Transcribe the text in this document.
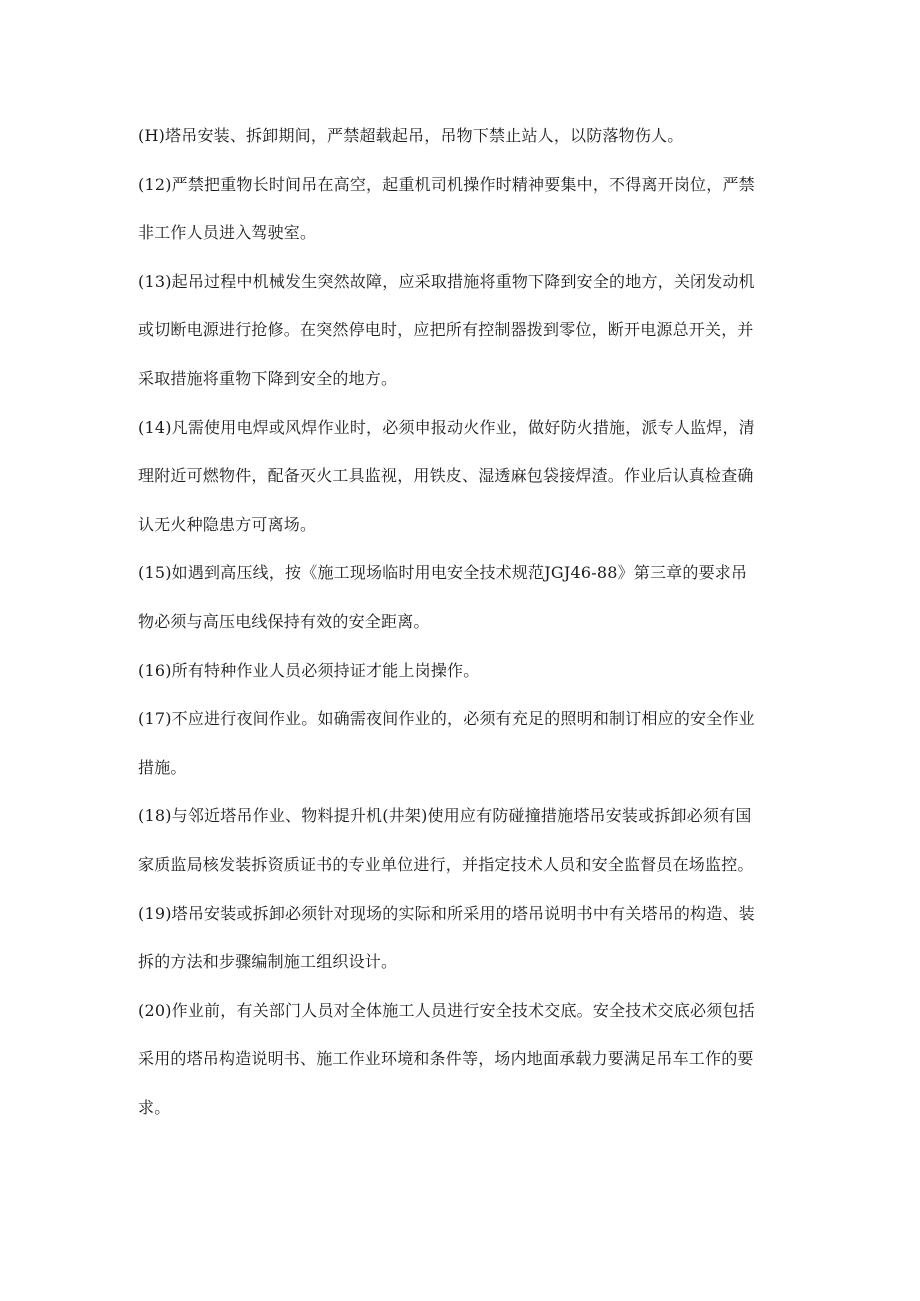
(H)塔吊安装、拆卸期间，严禁超载起吊，吊物下禁止站人，以防落物伤人。
(12)严禁把重物长时间吊在高空，起重机司机操作时精神要集中，不得离开岗位，严禁
非工作人员进入驾驶室。
(13)起吊过程中机械发生突然故障，应采取措施将重物下降到安全的地方，关闭发动机
或切断电源进行抢修。在突然停电时，应把所有控制器拨到零位，断开电源总开关，并
采取措施将重物下降到安全的地方。
(14)凡需使用电焊或风焊作业时，必须申报动火作业，做好防火措施，派专人监焊，清
理附近可燃物件，配备灭火工具监视，用铁皮、湿透麻包袋接焊渣。作业后认真检查确
认无火种隐患方可离场。
(15)如遇到高压线，按《施工现场临时用电安全技术规范JGJ46-88》第三章的要求吊
物必须与高压电线保持有效的安全距离。
(16)所有特种作业人员必须持证才能上岗操作。
(17)不应进行夜间作业。如确需夜间作业的，必须有充足的照明和制订相应的安全作业
措施。
(18)与邻近塔吊作业、物料提升机(井架)使用应有防碰撞措施塔吊安装或拆卸必须有国
家质监局核发装拆资质证书的专业单位进行，并指定技术人员和安全监督员在场监控。
(19)塔吊安装或拆卸必须针对现场的实际和所采用的塔吊说明书中有关塔吊的构造、装
拆的方法和步骤编制施工组织设计。
(20)作业前，有关部门人员对全体施工人员进行安全技术交底。安全技术交底必须包括
采用的塔吊构造说明书、施工作业环境和条件等，场内地面承载力要满足吊车工作的要
求。
